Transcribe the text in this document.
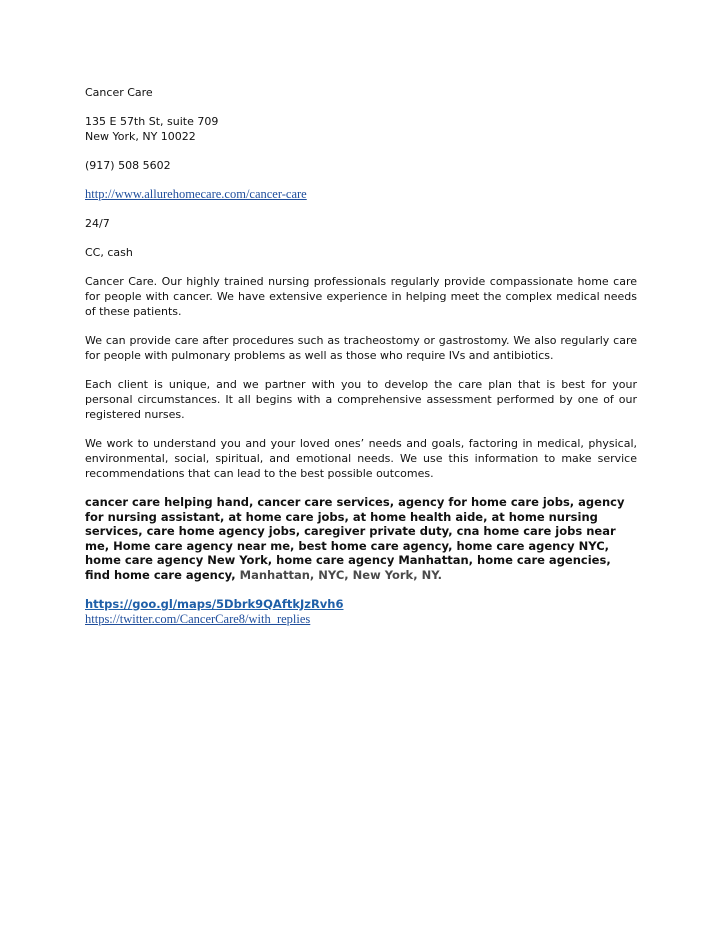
Cancer Care

135 E 57th St, suite 709

New York, NY 10022

(917) 508 5602

http://www.allurehomecare.com/cancer-care

24/7

CC, cash

Cancer Care. Our highly trained nursing professionals regularly provide compassionate home care for people with cancer. We have extensive experience in helping meet the complex medical needs of these patients.

We can provide care after procedures such as tracheostomy or gastrostomy. We also regularly care for people with pulmonary problems as well as those who require IVs and antibiotics.

Each client is unique, and we partner with you to develop the care plan that is best for your personal circumstances. It all begins with a comprehensive assessment performed by one of our registered nurses.

We work to understand you and your loved ones’ needs and goals, factoring in medical, physical, environmental, social, spiritual, and emotional needs. We use this information to make service recommendations that can lead to the best possible outcomes.

cancer care helping hand, cancer care services, agency for home care jobs, agency for nursing assistant, at home care jobs, at home health aide, at home nursing services, care home agency jobs, caregiver private duty, cna home care jobs near me, Home care agency near me, best home care agency, home care agency NYC, home care agency New York, home care agency Manhattan, home care agencies, find home care agency, Manhattan, NYC, New York, NY.

https://goo.gl/maps/5Dbrk9QAftkJzRvh6

https://twitter.com/CancerCare8/with_replies
